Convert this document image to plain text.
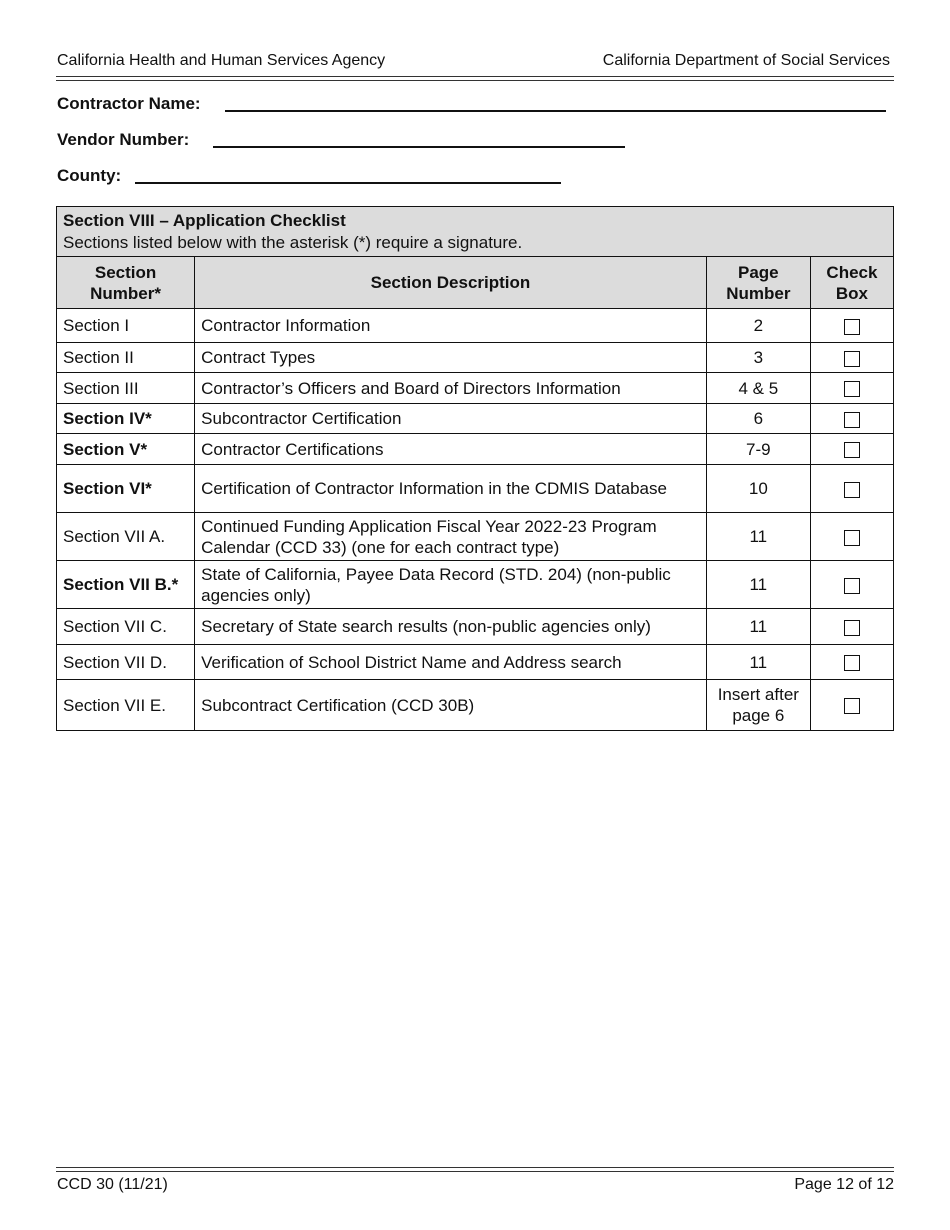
California Health and Human Services Agency	California Department of Social Services
Contractor Name:
Vendor Number:
County:
Section VIII – Application Checklist
Sections listed below with the asterisk (*) require a signature.			
Section Number*	Section Description	Page Number	Check Box
Section I	Contractor Information	2	
Section II	Contract Types	3	
Section III	Contractor’s Officers and Board of Directors Information	4 & 5	
Section IV*	Subcontractor Certification	6	
Section V*	Contractor Certifications	7-9	
Section VI*	Certification of Contractor Information in the CDMIS Database	10	
Section VII A.	Continued Funding Application Fiscal Year 2022-23 Program Calendar (CCD 33) (one for each contract type)	11	
Section VII B.*	State of California, Payee Data Record (STD. 204) (non-public agencies only)	11	
Section VII C.	Secretary of State search results (non-public agencies only)	11	
Section VII D.	Verification of School District Name and Address search	11	
Section VII E.	Subcontract Certification (CCD 30B)	Insert after page 6	
CCD 30 (11/21)	Page 12 of 12
